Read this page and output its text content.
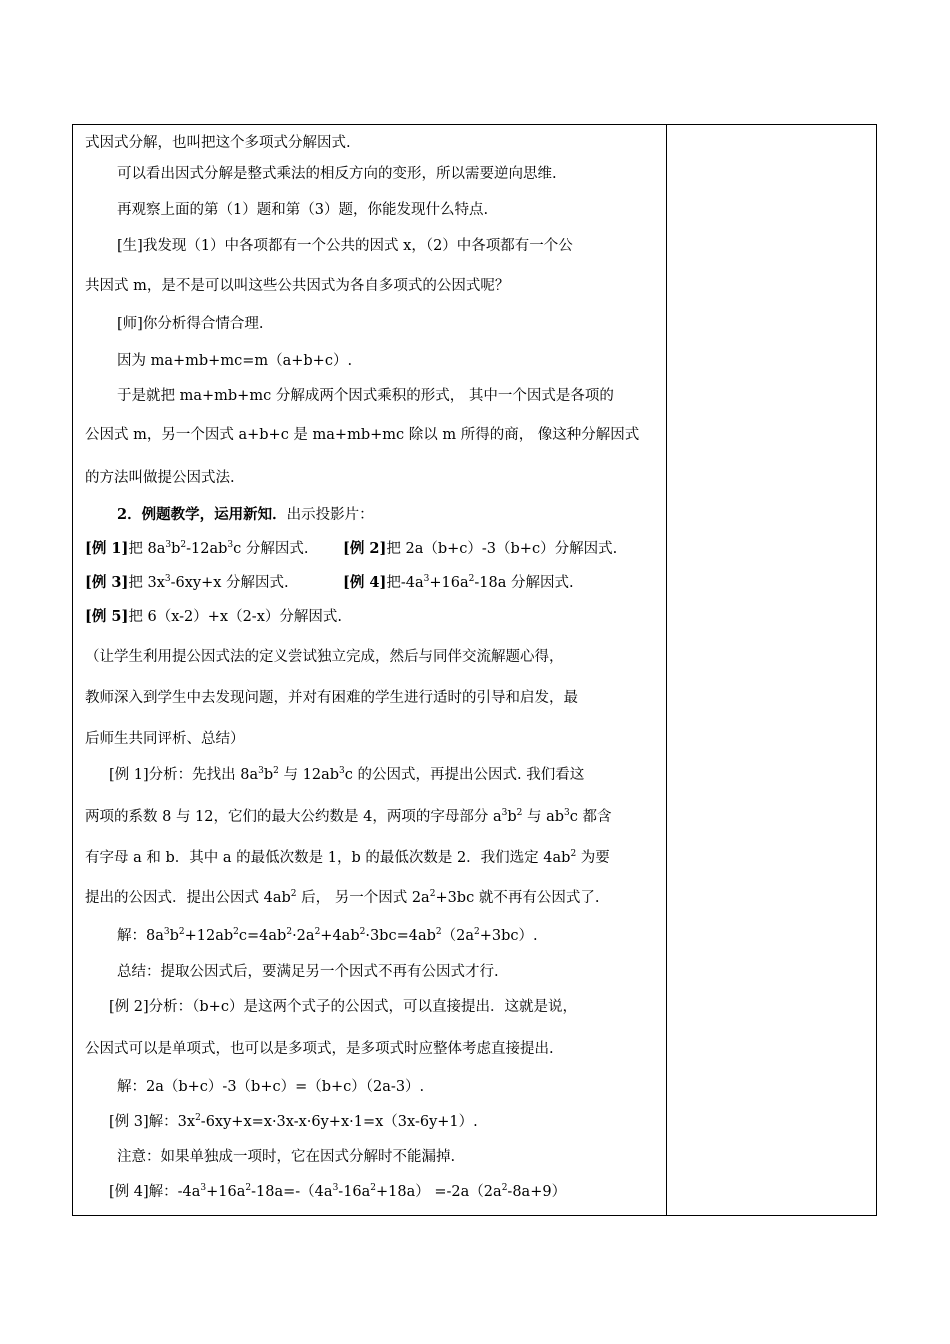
式因式分解，也叫把这个多项式分解因式.
可以看出因式分解是整式乘法的相反方向的变形，所以需要逆向思维.
再观察上面的第（1）题和第（3）题，你能发现什么特点.
[生]我发现（1）中各项都有一个公共的因式 x，（2）中各项都有一个公
共因式 m，是不是可以叫这些公共因式为各自多项式的公因式呢？
[师]你分析得合情合理.
因为 ma+mb+mc=m（a+b+c）.
于是就把 ma+mb+mc 分解成两个因式乘积的形式， 其中一个因式是各项的
公因式 m，另一个因式 a+b+c 是 ma+mb+mc 除以 m 所得的商， 像这种分解因式
的方法叫做提公因式法.
2．例题教学，运用新知．出示投影片：
[例 1]把 $8a^3b^2-12ab^3c$ 分解因式. [例 2]把 2a（b+c）-3（b+c）分解因式.
[例 3]把 $3x^3-6xy+x$ 分解因式.	[例 4]把$-4a^3+16a^2-18a$ 分解因式.
[例 5]把 6（x-2）+x（2-x）分解因式.
（让学生利用提公因式法的定义尝试独立完成，然后与同伴交流解题心得，
教师深入到学生中去发现问题，并对有困难的学生进行适时的引导和启发，最
后师生共同评析、总结）
[例 1]分析：先找出 $8a^3b^2$ 与 $12ab^3c$ 的公因式，再提出公因式. 我们看这
两项的系数 8 与 12，它们的最大公约数是 4，两项的字母部分 $a^3b^2$ 与 $ab^3c$ 都含
有字母 a 和 b．其中 a 的最低次数是 1，b 的最低次数是 2．我们选定 $4ab^2$ 为要
提出的公因式．提出公因式 $4ab^2$ 后， 另一个因式 $2a^2+3bc$ 就不再有公因式了.
解：$8a^3b^2+12ab^2c=4ab^2\cdot 2a^2+4ab^2\cdot 3bc=4ab^2(2a^2+3bc)$.
总结：提取公因式后，要满足另一个因式不再有公因式才行.
[例 2]分析：（b+c）是这两个式子的公因式，可以直接提出．这就是说，
公因式可以是单项式，也可以是多项式，是多项式时应整体考虑直接提出.
解：2a（b+c）-3（b+c）=（b+c）（2a-3）.
[例 3]解：$3x^2-6xy+x=x\cdot 3x-x\cdot 6y+x\cdot 1=x(3x-6y+1)$.
注意：如果单独成一项时，它在因式分解时不能漏掉.
[例 4]解：$-4a^3+16a^2-18a=-(4a^3-16a^2+18a) =-2a(2a^2-8a+9)$
